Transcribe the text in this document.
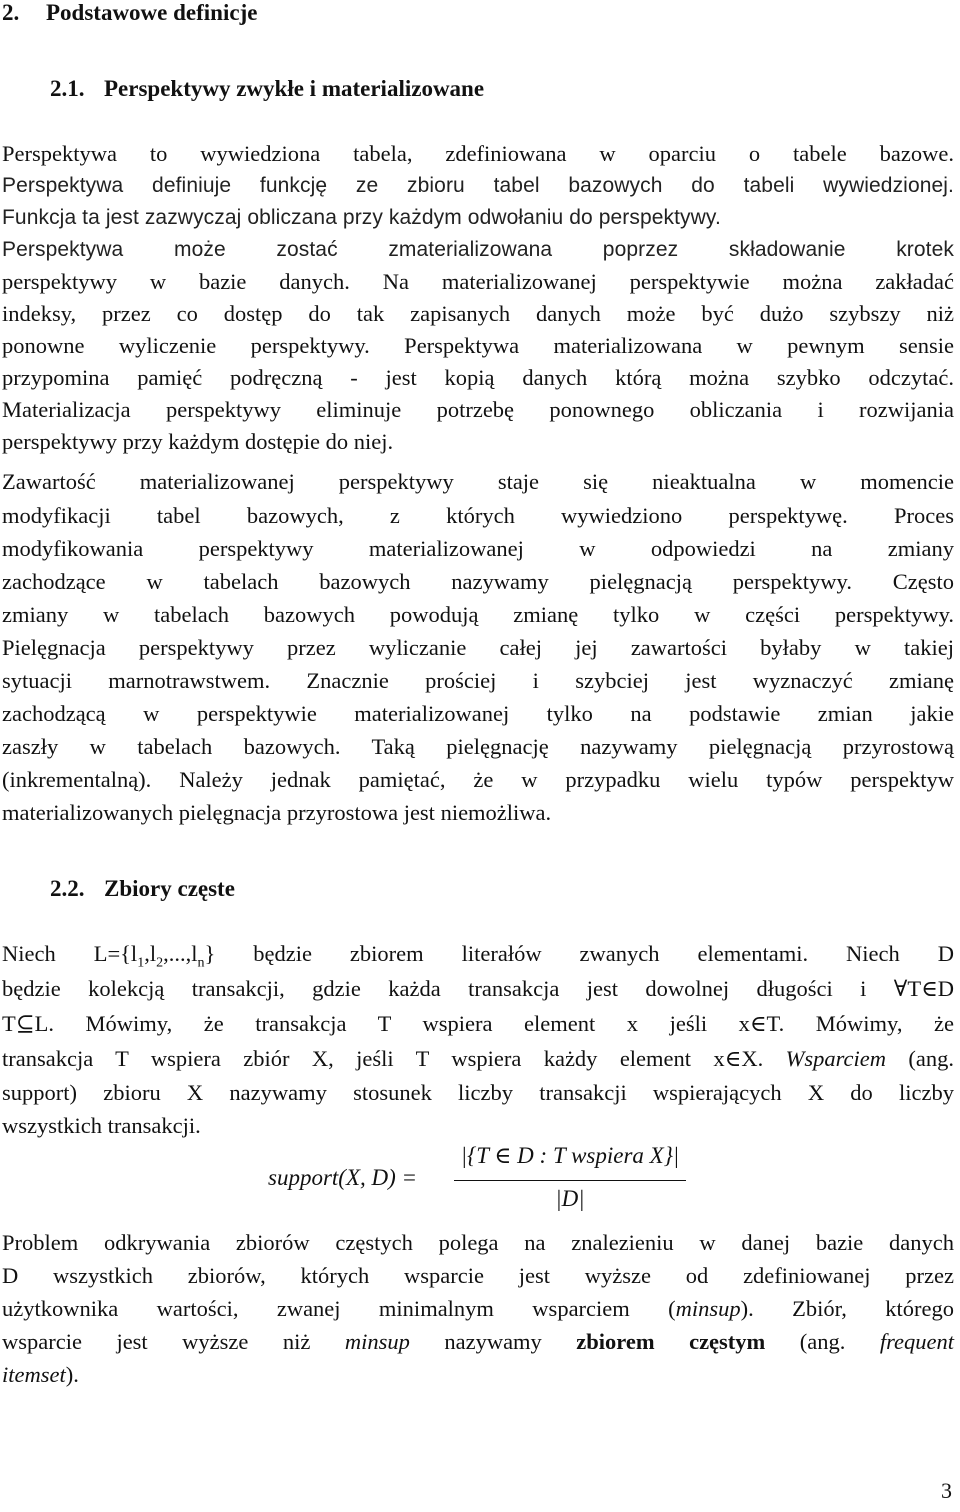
2. Podstawowe definicje
2.1. Perspektywy zwykłe i materializowane
Perspektywa to wywiedziona tabela, zdefiniowana w oparciu o tabele bazowe.
Perspektywa definiuje funkcję ze zbioru tabel bazowych do tabeli wywiedzionej.
Funkcja ta jest zazwyczaj obliczana przy każdym odwołaniu do perspektywy.
Perspektywa może zostać zmaterializowana poprzez składowanie krotek
perspektywy w bazie danych. Na materializowanej perspektywie można zakładać
indeksy, przez co dostęp do tak zapisanych danych może być dużo szybszy niż
ponowne wyliczenie perspektywy. Perspektywa materializowana w pewnym sensie
przypomina pamięć podręczną - jest kopią danych którą można szybko odczytać.
Materializacja perspektywy eliminuje potrzebę ponownego obliczania i rozwijania
perspektywy przy każdym dostępie do niej.
Zawartość materializowanej perspektywy staje się nieaktualna w momencie
modyfikacji tabel bazowych, z których wywiedziono perspektywę. Proces
modyfikowania perspektywy materializowanej w odpowiedzi na zmiany
zachodzące w tabelach bazowych nazywamy pielęgnacją perspektywy. Często
zmiany w tabelach bazowych powodują zmianę tylko w części perspektywy.
Pielęgnacja perspektywy przez wyliczanie całej jej zawartości byłaby w takiej
sytuacji marnotrawstwem. Znacznie prościej i szybciej jest wyznaczyć zmianę
zachodzącą w perspektywie materializowanej tylko na podstawie zmian jakie
zaszły w tabelach bazowych. Taką pielęgnację nazywamy pielęgnacją przyrostową
(inkrementalną). Należy jednak pamiętać, że w przypadku wielu typów perspektyw
materializowanych pielęgnacja przyrostowa jest niemożliwa.
2.2. Zbiory częste
Niech $L=\{l_1,l_2,...,l_n\}$ będzie zbiorem literałów zwanych elementami. Niech D
będzie kolekcją transakcji, gdzie każda transakcja jest dowolnej długości i ∀T∈D
T⊆L. Mówimy, że transakcja T wspiera element x jeśli x∈T. Mówimy, że
transakcja T wspiera zbiór X, jeśli T wspiera każdy element x∈X. Wsparciem (ang.
support) zbioru X nazywamy stosunek liczby transakcji wspierających X do liczby
wszystkich transakcji.
support(X, D) =
|{T ∈ D : T wspiera X}|
|D|
Problem odkrywania zbiorów częstych polega na znalezieniu w danej bazie danych
D wszystkich zbiorów, których wsparcie jest wyższe od zdefiniowanej przez
użytkownika wartości, zwanej minimalnym wsparciem (minsup). Zbiór, którego
wsparcie jest wyższe niż minsup nazywamy zbiorem częstym (ang. frequent
itemset).
3
